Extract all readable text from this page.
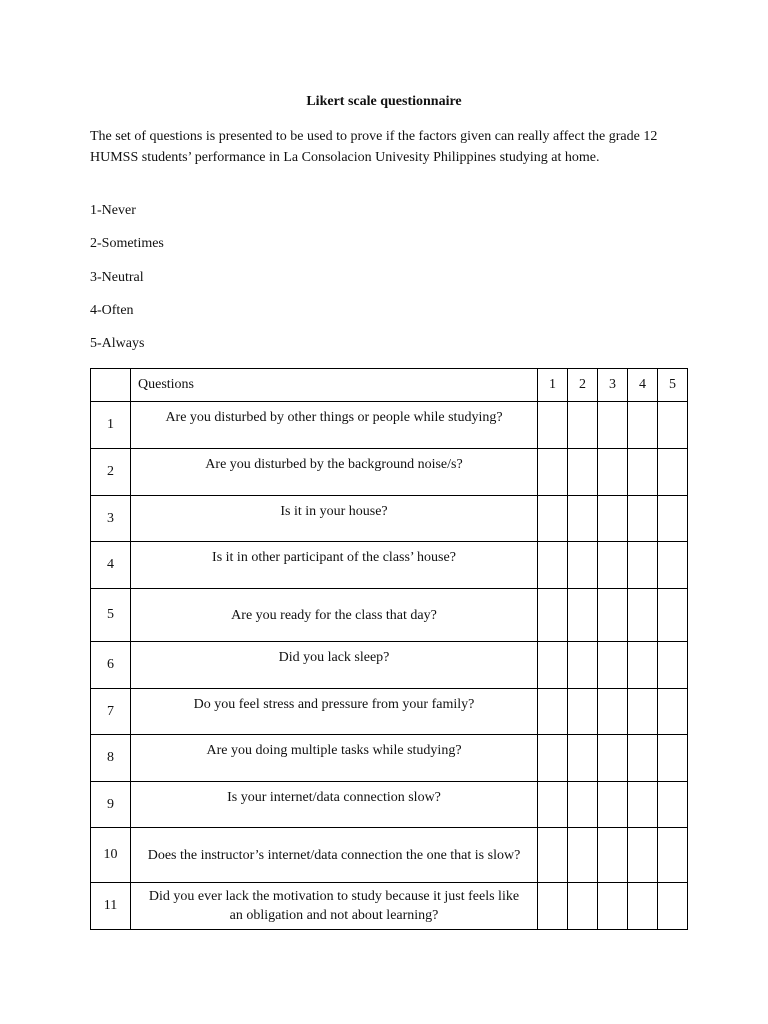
Likert scale questionnaire

The set of questions is presented to be used to prove if the factors given can really affect the grade 12 HUMSS students’ performance in La Consolacion Univesity Philippines studying at home.

1-Never
2-Sometimes
3-Neutral
4-Often
5-Always
	Questions	1	2	3	4	5
1	Are you disturbed by other things or people while studying?					
2	Are you disturbed by the background noise/s?					
3	Is it in your house?					
4	Is it in other participant of the class’ house?					
5	Are you ready for the class that day?					
6	Did you lack sleep?					
7	Do you feel stress and pressure from your family?					
8	Are you doing multiple tasks while studying?					
9	Is your internet/data connection slow?					
10	Does the instructor’s internet/data connection the one that is slow?					
11	Did you ever lack the motivation to study because it just feels like an obligation and not about learning?					
